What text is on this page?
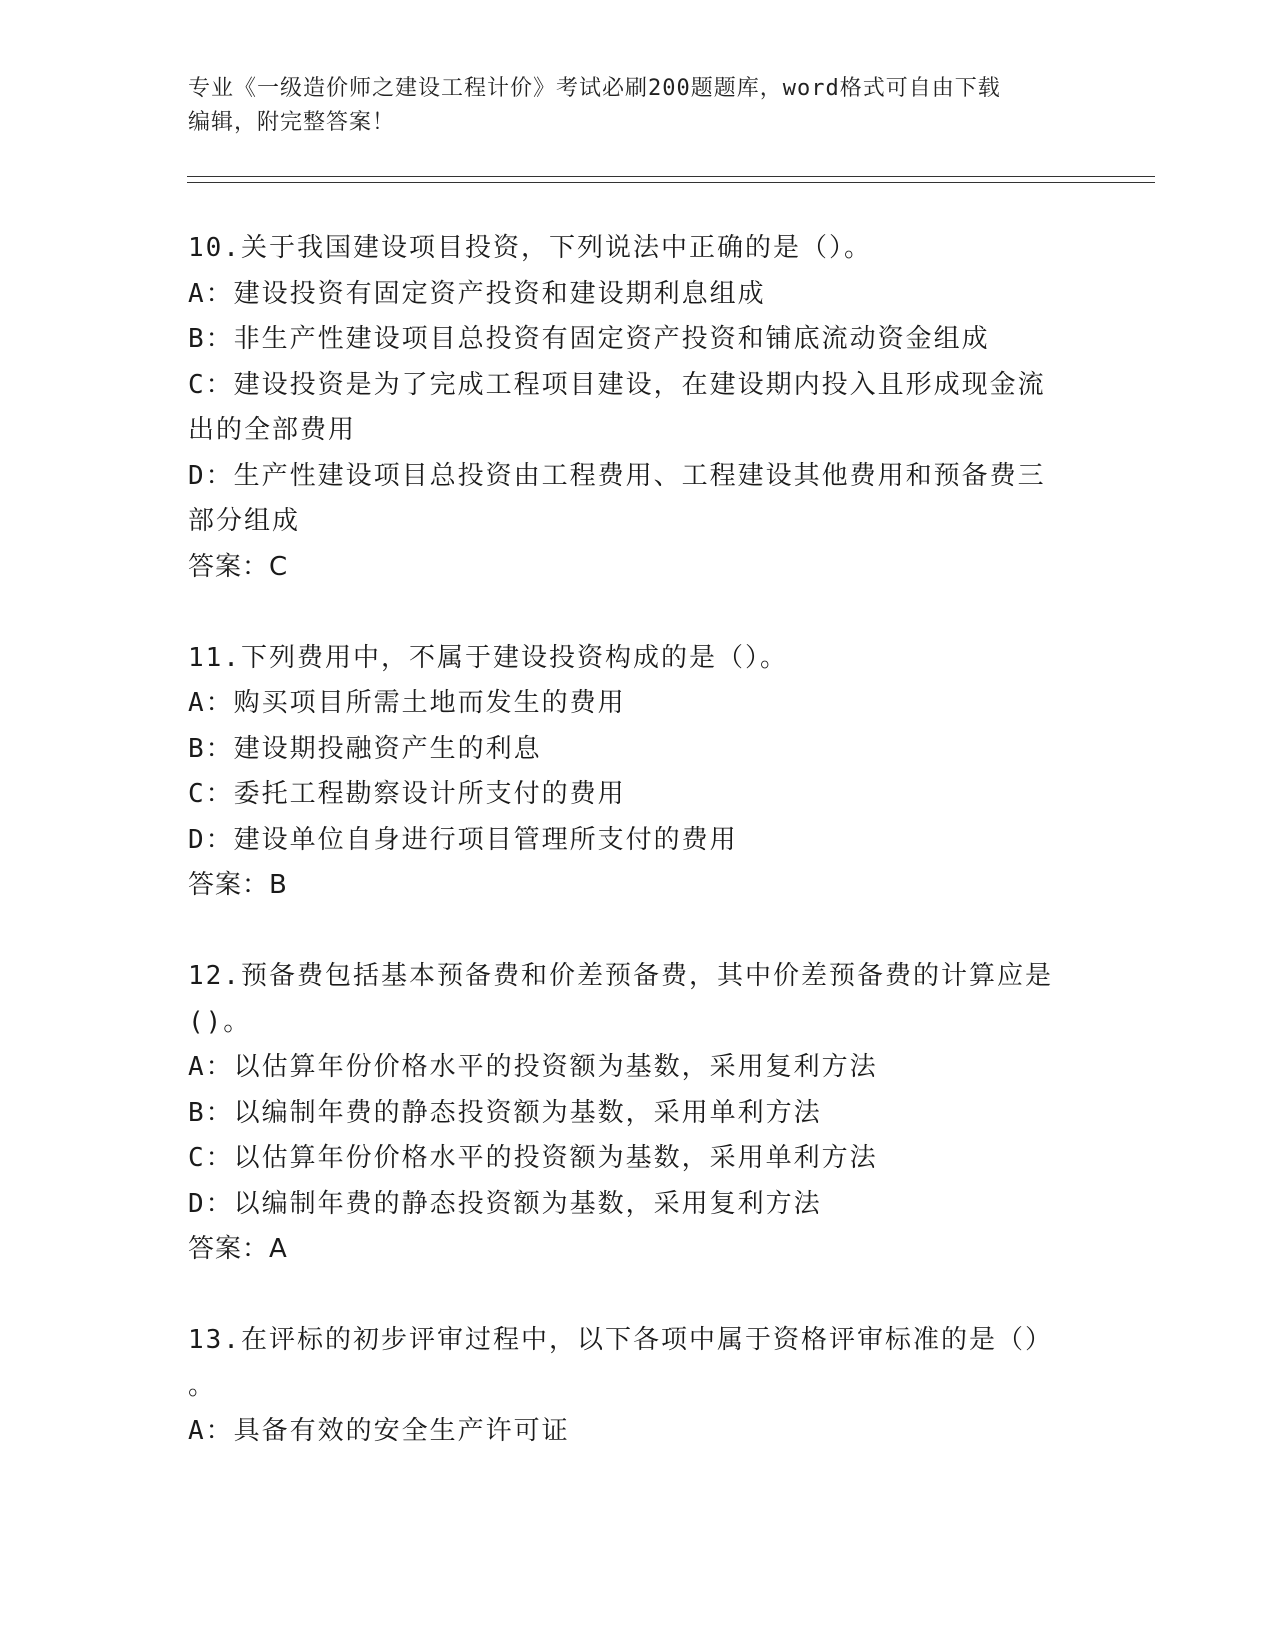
专业《一级造价师之建设工程计价》考试必刷200题题库，word格式可自由下载
编辑，附完整答案！
10.关于我国建设项目投资，下列说法中正确的是（）。
A：建设投资有固定资产投资和建设期利息组成
B：非生产性建设项目总投资有固定资产投资和铺底流动资金组成
C：建设投资是为了完成工程项目建设，在建设期内投入且形成现金流
出的全部费用
D：生产性建设项目总投资由工程费用、工程建设其他费用和预备费三
部分组成
答案：C
11.下列费用中，不属于建设投资构成的是（）。
A：购买项目所需土地而发生的费用
B：建设期投融资产生的利息
C：委托工程勘察设计所支付的费用
D：建设单位自身进行项目管理所支付的费用
答案：B
12.预备费包括基本预备费和价差预备费，其中价差预备费的计算应是
()。
A：以估算年份价格水平的投资额为基数，采用复利方法
B：以编制年费的静态投资额为基数，采用单利方法
C：以估算年份价格水平的投资额为基数，采用单利方法
D：以编制年费的静态投资额为基数，采用复利方法
答案：A
13.在评标的初步评审过程中，以下各项中属于资格评审标准的是（）
。
A：具备有效的安全生产许可证
